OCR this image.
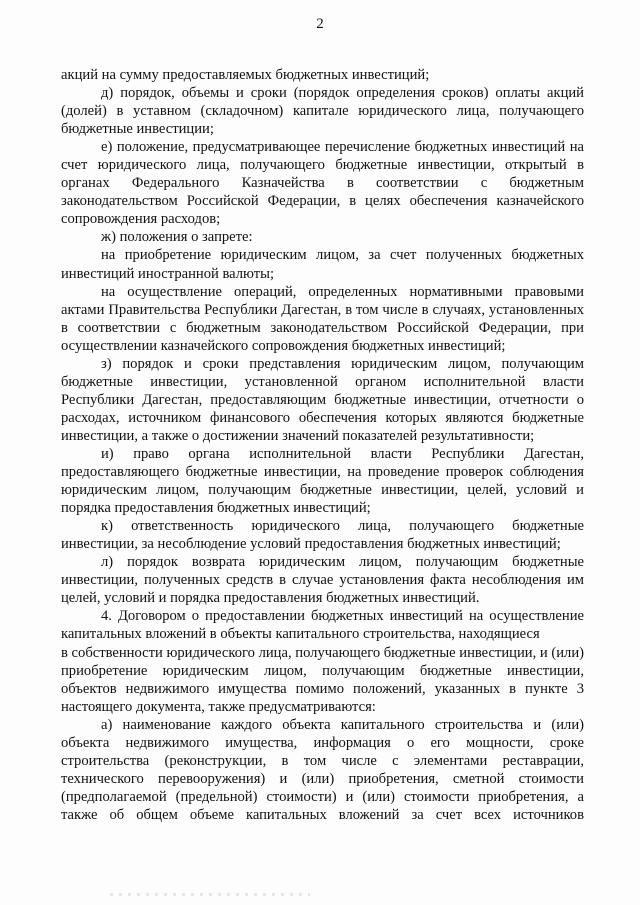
2

акций на сумму предоставляемых бюджетных инвестиций;

д) порядок, объемы и сроки (порядок определения сроков) оплаты акций (долей) в уставном (складочном) капитале юридического лица, получающего бюджетные инвестиции;

е) положение, предусматривающее перечисление бюджетных инвестиций на счет юридического лица, получающего бюджетные инвестиции, открытый в органах Федерального Казначейства в соответствии с бюджетным законодательством Российской Федерации, в целях обеспечения казначейского сопровождения расходов;

ж) положения о запрете:

на приобретение юридическим лицом, за счет полученных бюджетных инвестиций иностранной валюты;

на осуществление операций, определенных нормативными правовыми актами Правительства Республики Дагестан, в том числе в случаях, установленных в соответствии с бюджетным законодательством Российской Федерации, при осуществлении казначейского сопровождения бюджетных инвестиций;

з) порядок и сроки представления юридическим лицом, получающим бюджетные инвестиции, установленной органом исполнительной власти Республики Дагестан, предоставляющим бюджетные инвестиции, отчетности о расходах, источником финансового обеспечения которых являются бюджетные инвестиции, а также о достижении значений показателей результативности;

и) право органа исполнительной власти Республики Дагестан, предоставляющего бюджетные инвестиции, на проведение проверок соблюдения юридическим лицом, получающим бюджетные инвестиции, целей, условий и порядка предоставления бюджетных инвестиций;

к) ответственность юридического лица, получающего бюджетные инвестиции, за несоблюдение условий предоставления бюджетных инвестиций;

л) порядок возврата юридическим лицом, получающим бюджетные инвестиции, полученных средств в случае установления факта несоблюдения им целей, условий и порядка предоставления бюджетных инвестиций.

4. Договором о предоставлении бюджетных инвестиций на осуществление капитальных вложений в объекты капитального строительства, находящиеся

в собственности юридического лица, получающего бюджетные инвестиции, и (или) приобретение юридическим лицом, получающим бюджетные инвестиции, объектов недвижимого имущества помимо положений, указанных в пункте 3 настоящего документа, также предусматриваются:

а) наименование каждого объекта капитального строительства и (или) объекта недвижимого имущества, информация о его мощности, сроке строительства (реконструкции, в том числе с элементами реставрации, технического перевооружения) и (или) приобретения, сметной стоимости (предполагаемой (предельной) стоимости) и (или) стоимости приобретения, а также об общем объеме капитальных вложений за счет всех источников
